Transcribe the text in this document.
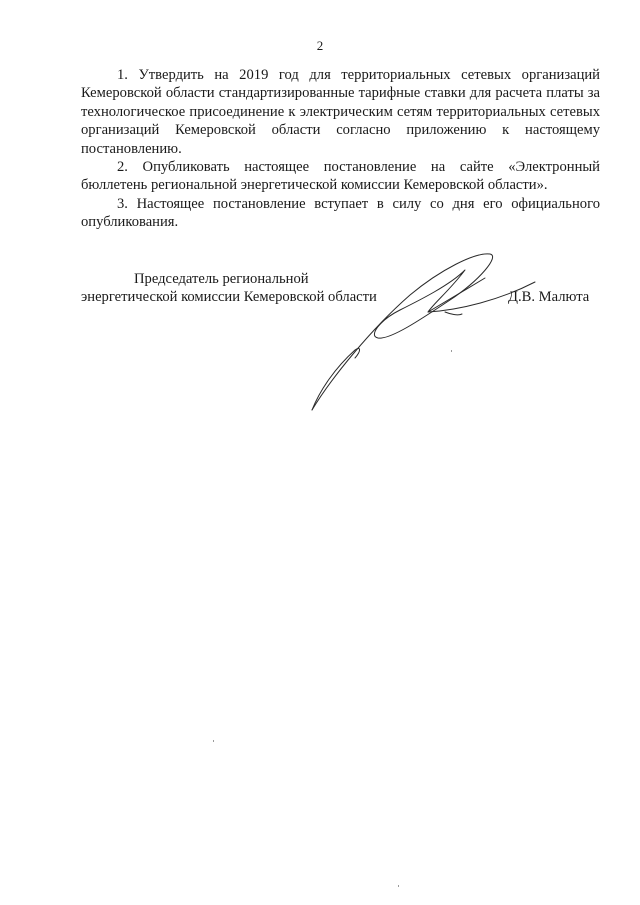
2

1. Утвердить на 2019 год для территориальных сетевых организаций Кемеровской области стандартизированные тарифные ставки для расчета платы за технологическое присоединение к электрическим сетям территориальных сетевых организаций Кемеровской области согласно приложению к настоящему постановлению.

2. Опубликовать настоящее постановление на сайте «Электронный бюллетень региональной энергетической комиссии Кемеровской области».

3. Настоящее постановление вступает в силу со дня его официального опубликования.

Председатель региональной
энергетической комиссии Кемеровской области	Д.В. Малюта
